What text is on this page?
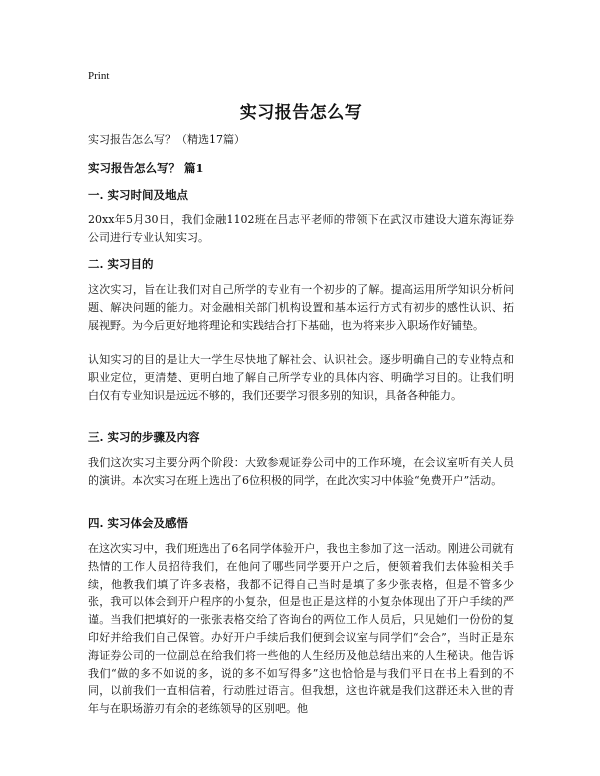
Print
实习报告怎么写
实习报告怎么写？（精选17篇）
实习报告怎么写？ 篇1
一. 实习时间及地点
20xx年5月30日，我们金融1102班在吕志平老师的带领下在武汉市建设大道东海证券公司进行专业认知实习。
二. 实习目的
这次实习，旨在让我们对自己所学的专业有一个初步的了解。提高运用所学知识分析问题、解决问题的能力。对金融相关部门机构设置和基本运行方式有初步的感性认识、拓展视野。为今后更好地将理论和实践结合打下基础，也为将来步入职场作好铺垫。
认知实习的目的是让大一学生尽快地了解社会、认识社会。逐步明确自己的专业特点和职业定位，更清楚、更明白地了解自己所学专业的具体内容、明确学习目的。让我们明白仅有专业知识是远远不够的，我们还要学习很多别的知识，具备各种能力。
三. 实习的步骤及内容
我们这次实习主要分两个阶段：大致参观证券公司中的工作环境，在会议室听有关人员的演讲。本次实习在班上选出了6位积极的同学，在此次实习中体验“免费开户”活动。
四. 实习体会及感悟
在这次实习中，我们班选出了6名同学体验开户，我也主参加了这一活动。刚进公司就有热情的工作人员招待我们，在他问了哪些同学要开户之后，便领着我们去体验相关手续，他教我们填了许多表格，我都不记得自己当时是填了多少张表格，但是不管多少张，我可以体会到开户程序的小复杂，但是也正是这样的小复杂体现出了开户手续的严谨。当我们把填好的一张张表格交给了咨询台的两位工作人员后，只见她们一份份的复印好并给我们自己保管。办好开户手续后我们便到会议室与同学们“会合”，当时正是东海证券公司的一位副总在给我们将一些他的人生经历及他总结出来的人生秘诀。他告诉我们“做的多不如说的多，说的多不如写得多”这也恰恰是与我们平日在书上看到的不同，以前我们一直相信着，行动胜过语言。但我想，这也许就是我们这群还未入世的青年与在职场游刃有余的老练领导的区别吧。他
